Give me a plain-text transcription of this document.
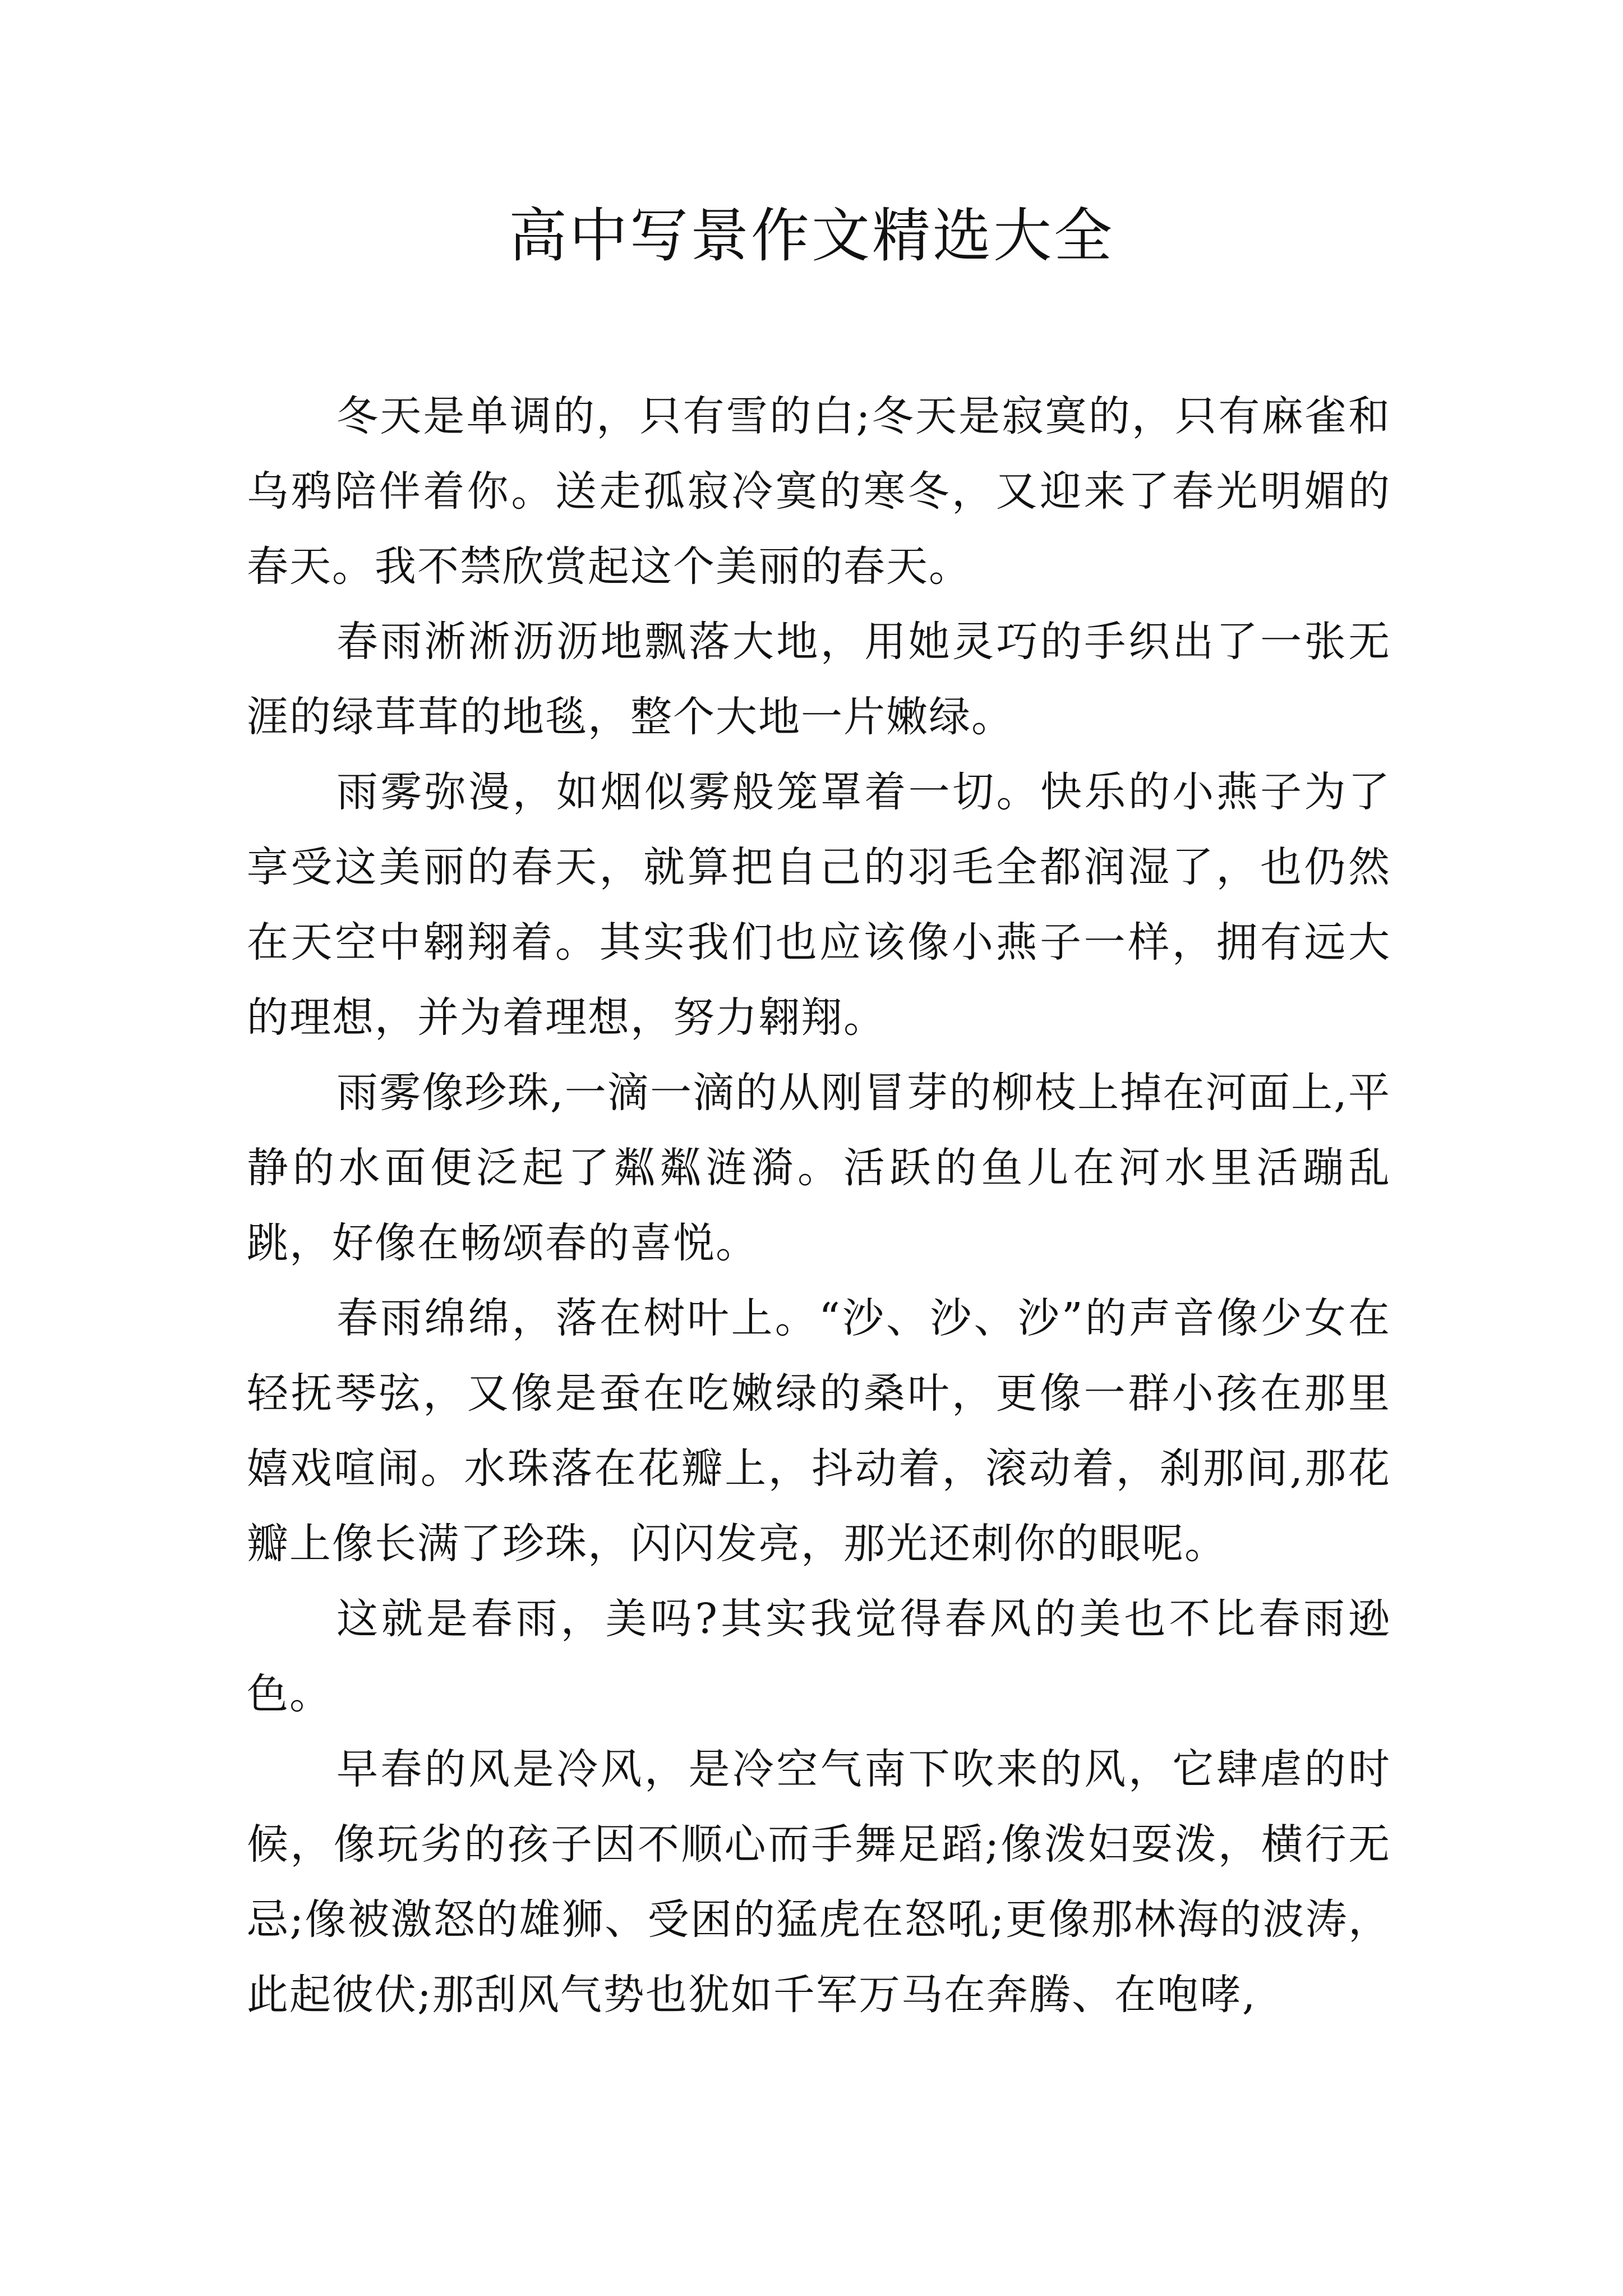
高中写景作文精选大全

冬天是单调的，只有雪的白;冬天是寂寞的，只有麻雀和乌鸦陪伴着你。送走孤寂冷寞的寒冬，又迎来了春光明媚的春天。我不禁欣赏起这个美丽的春天。

春雨淅淅沥沥地飘落大地，用她灵巧的手织出了一张无涯的绿茸茸的地毯，整个大地一片嫩绿。

雨雾弥漫，如烟似雾般笼罩着一切。快乐的小燕子为了享受这美丽的春天，就算把自己的羽毛全都润湿了，也仍然在天空中翱翔着。其实我们也应该像小燕子一样，拥有远大的理想，并为着理想，努力翱翔。

雨雾像珍珠,一滴一滴的从刚冒芽的柳枝上掉在河面上,平静的水面便泛起了粼粼涟漪。活跃的鱼儿在河水里活蹦乱跳，好像在畅颂春的喜悦。

春雨绵绵，落在树叶上。“沙、沙、沙”的声音像少女在轻抚琴弦，又像是蚕在吃嫩绿的桑叶，更像一群小孩在那里嬉戏喧闹。水珠落在花瓣上，抖动着，滚动着，刹那间,那花瓣上像长满了珍珠，闪闪发亮，那光还刺你的眼呢。

这就是春雨，美吗?其实我觉得春风的美也不比春雨逊色。

早春的风是冷风，是冷空气南下吹来的风，它肆虐的时候，像玩劣的孩子因不顺心而手舞足蹈;像泼妇耍泼，横行无忌;像被激怒的雄狮、受困的猛虎在怒吼;更像那林海的波涛，此起彼伏;那刮风气势也犹如千军万马在奔腾、在咆哮,
